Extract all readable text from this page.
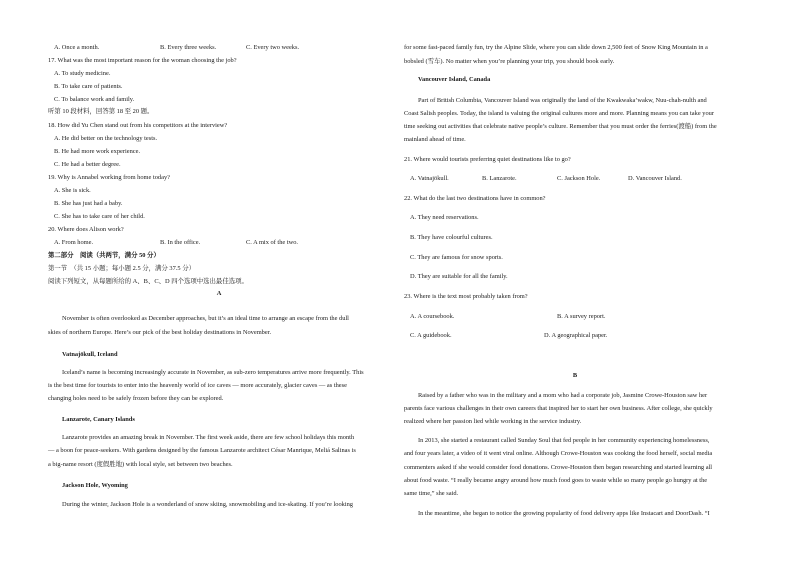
A. Once a month.	B. Every three weeks.	C. Every two weeks.
17. What was the most important reason for the woman choosing the job?
A. To study medicine.
B. To take care of patients.
C. To balance work and family.
听第 10 段材料，回答第 18 至 20 题。
18. How did Yu Chen stand out from his competitors at the interview?
A. He did better on the technology tests.
B. He had more work experience.
C. He had a better degree.
19. Why is Annabel working from home today?
A. She is sick.
B. She has just had a baby.
C. She has to take care of her child.
20. Where does Alison work?
A. From home.	B. In the office.	C. A mix of the two.
第二部分　阅读（共两节，满分 50 分）
第一节　（共 15 小题；每小题 2.5 分，满分 37.5 分）
阅读下列短文，从每题所给的 A、B、C、D 四个选项中选出最佳选项。
A
November is often overlooked as December approaches, but it’s an ideal time to arrange an escape from the dull
skies of northern Europe. Here’s our pick of the best holiday destinations in November.
Vatnajökull, Iceland
Iceland’s name is becoming increasingly accurate in November, as sub-zero temperatures arrive more frequently. This
is the best time for tourists to enter into the heavenly world of ice caves — more accurately, glacier caves — as these
changing holes need to be safely frozen before they can be explored.
Lanzarote, Canary Islands
Lanzarote provides an amazing break in November. The first week aside, there are few school holidays this month
— a boon for peace-seekers. With gardens designed by the famous Lanzarote architect César Manrique, Meliá Salinas is
a big-name resort (度假胜地) with local style, set between two beaches.
Jackson Hole, Wyoming
During the winter, Jackson Hole is a wonderland of snow skiing, snowmobiling and ice-skating. If you’re looking
for some fast-paced family fun, try the Alpine Slide, where you can slide down 2,500 feet of Snow King Mountain in a
bobsled (雪车). No matter when you’re planning your trip, you should book early.
Vancouver Island, Canada
Part of British Columbia, Vancouver Island was originally the land of the Kwakwaka’wakw, Nuu-chah-nulth and
Coast Salish peoples. Today, the island is valuing the original cultures more and more. Planning means you can take your
time seeking out activities that celebrate native people’s culture. Remember that you must order the ferries(渡船) from the
mainland ahead of time.
21. Where would tourists preferring quiet destinations like to go?
A. Vatnajökull.	B. Lanzarote.	C. Jackson Hole.	D. Vancouver Island.
22. What do the last two destinations have in common?
A. They need reservations.
B. They have colourful cultures.
C. They are famous for snow sports.
D. They are suitable for all the family.
23. Where is the text most probably taken from?
A. A coursebook.	B. A survey report.
C. A guidebook.	D. A geographical paper.
B
Raised by a father who was in the military and a mom who had a corporate job, Jasmine Crowe-Houston saw her
parents face various challenges in their own careers that inspired her to start her own business. After college, she quickly
realized where her passion lied while working in the service industry.
In 2013, she started a restaurant called Sunday Soul that fed people in her community experiencing homelessness,
and four years later, a video of it went viral online. Although Crowe-Houston was cooking the food herself, social media
commenters asked if she would consider food donations. Crowe-Houston then began researching and started learning all
about food waste. “I really became angry around how much food goes to waste while so many people go hungry at the
same time,” she said.
In the meantime, she began to notice the growing popularity of food delivery apps like Instacart and DoorDash. “I
